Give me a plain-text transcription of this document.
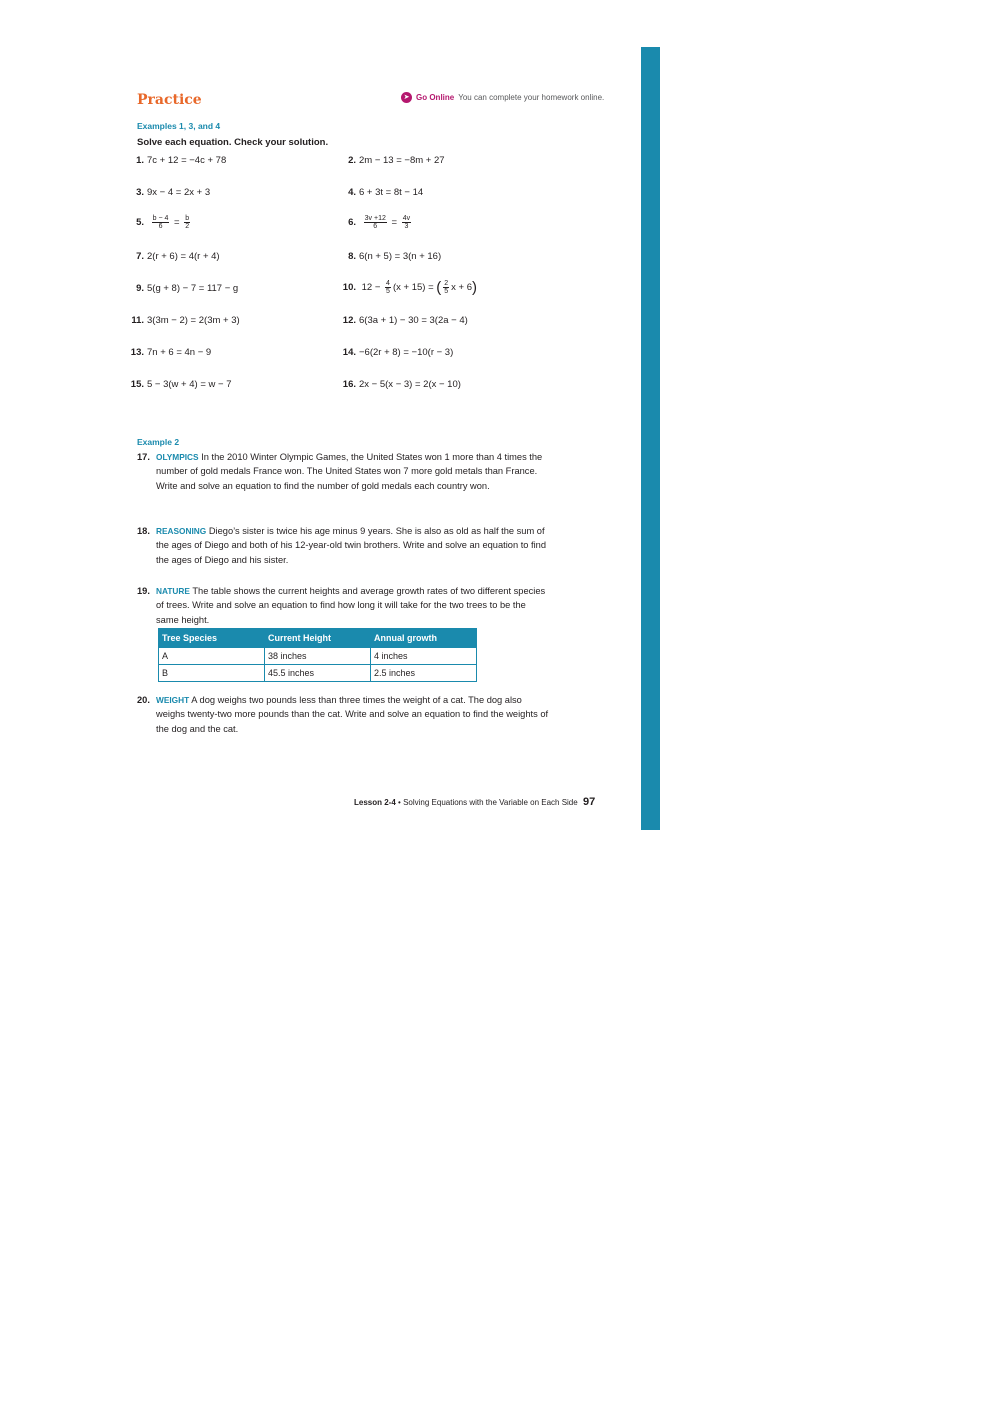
Practice	➤ Go Online You can complete your homework online.
Examples 1, 3, and 4
Solve each equation. Check your solution.
1. 7c + 12 = −4c + 78	2. 2m − 13 = −8m + 27
3. 9x − 4 = 2x + 3	4. 6 + 3t = 8t − 14
5. $\frac{b - 4}{6} = \frac{b}{2}$	6. $\frac{3v +12}{6} = \frac{4v}{3}$
7. 2(r + 6) = 4(r + 4)	8. 6(n + 5) = 3(n + 16)
9. 5(g + 8) − 7 = 117 − g	10. $12 - \frac{4}{5} (x + 15)$ = ( $\frac{2}{5}$ x + 6)
11. 3(3m − 2) = 2(3m + 3)	12. 6(3a + 1) − 30 = 3(2a − 4)
13. 7n + 6 = 4n − 9	14. −6(2r + 8) = −10(r − 3)
15. 5 − 3(w + 4) = w − 7	16. 2x − 5(x − 3) = 2(x − 10)
Example 2
17. OLYMPICS In the 2010 Winter Olympic Games, the United States won 1 more than 4 times the number of gold medals France won. The United States won 7 more gold metals than France. Write and solve an equation to find the number of gold medals each country won.
18. REASONING Diego’s sister is twice his age minus 9 years. She is also as old as half the sum of the ages of Diego and both of his 12-year-old twin brothers. Write and solve an equation to find the ages of Diego and his sister.
19. NATURE The table shows the current heights and average growth rates of two different species of trees. Write and solve an equation to find how long it will take for the two trees to be the same height.
Tree Species	Current Height	Annual growth
A	38 inches	4 inches
B	45.5 inches	2.5 inches
20. WEIGHT A dog weighs two pounds less than three times the weight of a cat. The dog also weighs twenty-two more pounds than the cat. Write and solve an equation to find the weights of the dog and the cat.
Lesson 2-4 • Solving Equations with the Variable on Each Side 97
